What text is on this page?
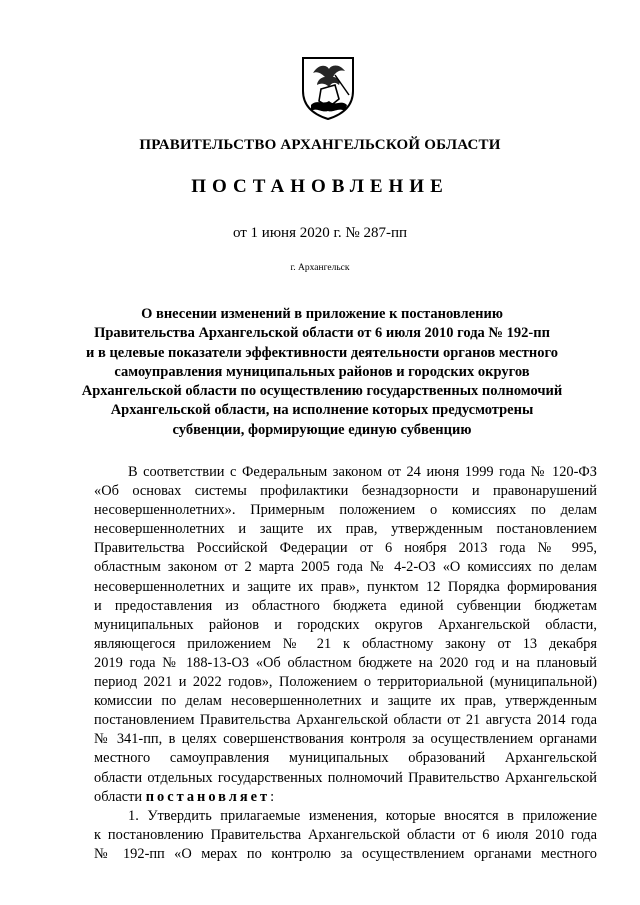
ПРАВИТЕЛЬСТВО АРХАНГЕЛЬСКОЙ ОБЛАСТИ
ПОСТАНОВЛЕНИЕ
от 1 июня 2020 г. № 287-пп
г. Архангельск
О внесении изменений в приложение к постановлению
Правительства Архангельской области от 6 июля 2010 года № 192-пп
и в целевые показатели эффективности деятельности органов местного
самоуправления муниципальных районов и городских округов
Архангельской области по осуществлению государственных полномочий
Архангельской области, на исполнение которых предусмотрены
субвенции, формирующие единую субвенцию
В соответствии с Федеральным законом от 24 июня 1999 года № 120-ФЗ
«Об основах системы профилактики безнадзорности и правонарушений
несовершеннолетних». Примерным положением о комиссиях по делам
несовершеннолетних и защите их прав, утвержденным постановлением
Правительства Российской Федерации от 6 ноября 2013 года № 995,
областным законом от 2 марта 2005 года № 4-2-ОЗ «О комиссиях по делам
несовершеннолетних и защите их прав», пунктом 12 Порядка формирования
и предоставления из областного бюджета единой субвенции бюджетам
муниципальных районов и городских округов Архангельской области,
являющегося приложением № 21 к областному закону от 13 декабря
2019 года № 188-13-ОЗ «Об областном бюджете на 2020 год и на плановый
период 2021 и 2022 годов», Положением о территориальной (муниципальной)
комиссии по делам несовершеннолетних и защите их прав, утвержденным
постановлением Правительства Архангельской области от 21 августа 2014 года
№ 341-пп, в целях совершенствования контроля за осуществлением органами
местного самоуправления муниципальных образований Архангельской
области отдельных государственных полномочий Правительство Архангельской
области постановляет:
1. Утвердить прилагаемые изменения, которые вносятся в приложение
к постановлению Правительства Архангельской области от 6 июля 2010 года
№ 192-пп «О мерах по контролю за осуществлением органами местного
